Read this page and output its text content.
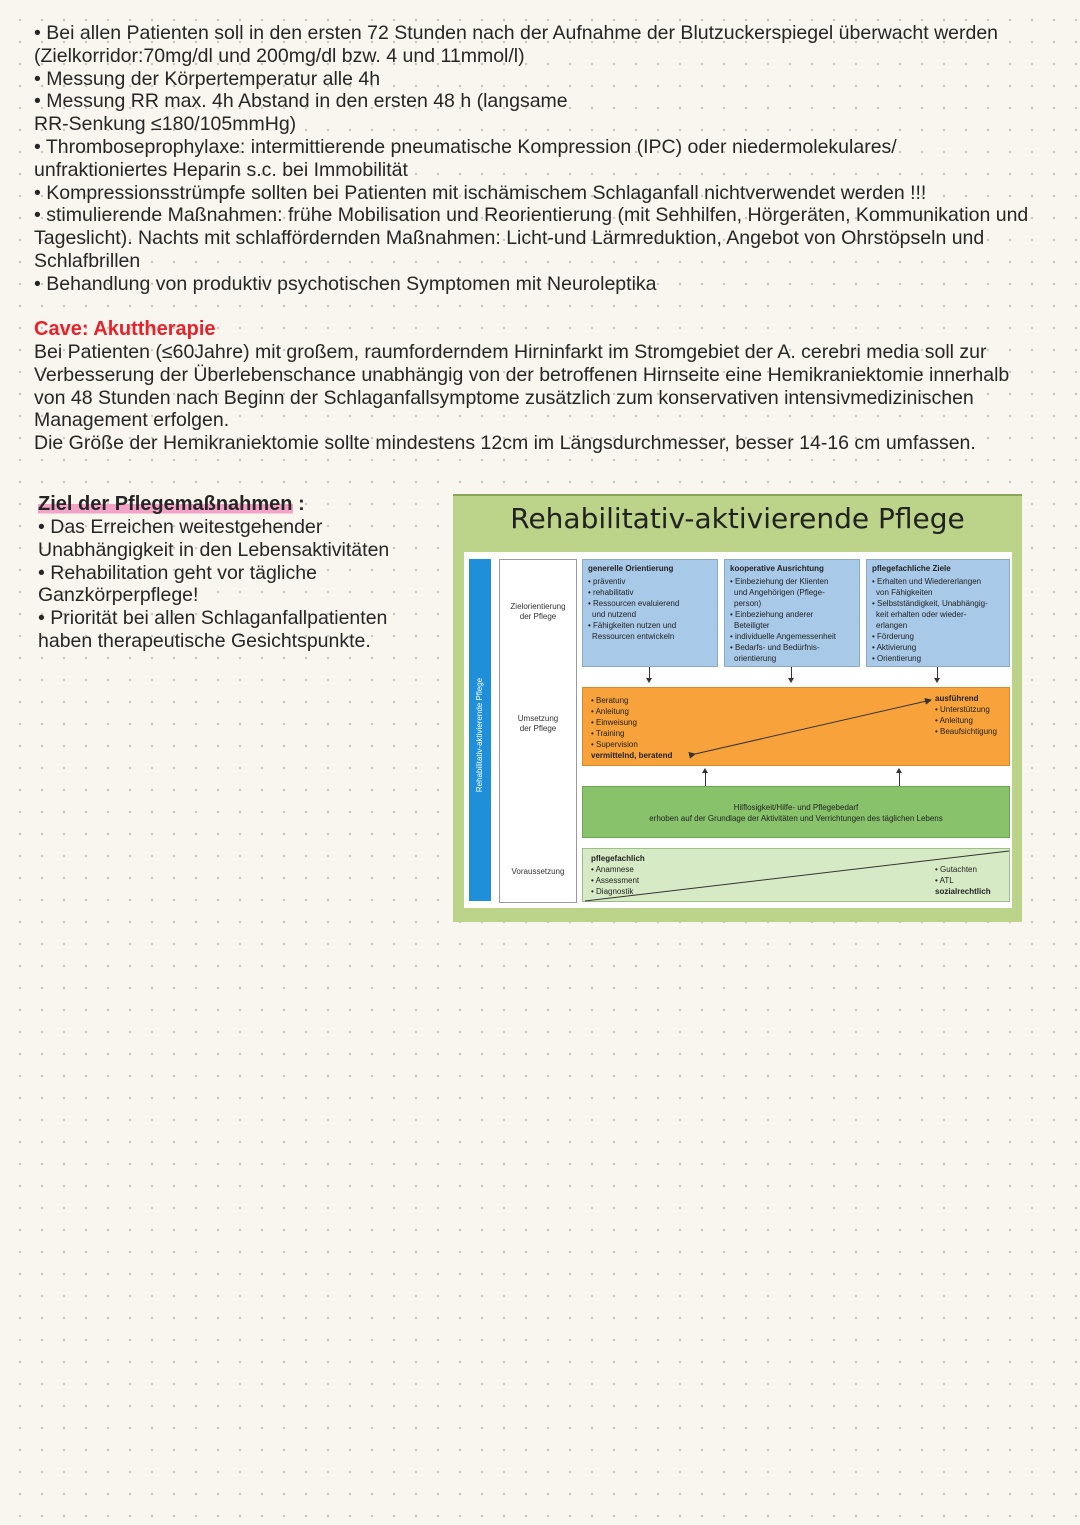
• Bei allen Patienten soll in den ersten 72 Stunden nach der Aufnahme der Blutzuckerspiegel überwacht werden (Zielkorridor:70mg/dl und 200mg/dl bzw. 4 und 11mmol/l)
• Messung der Körpertemperatur alle 4h
• Messung RR max. 4h Abstand in den ersten 48 h (langsame
RR-Senkung ≤180/105mmHg)
• Thromboseprophylaxe: intermittierende pneumatische Kompression (IPC) oder niedermolekulares/
unfraktioniertes Heparin s.c. bei Immobilität
• Kompressionsstrümpfe sollten bei Patienten mit ischämischem Schlaganfall nichtverwendet werden !!!
• stimulierende Maßnahmen: frühe Mobilisation und Reorientierung (mit Sehhilfen, Hörgeräten, Kommunikation und Tageslicht). Nachts mit schlaffördernden Maßnahmen: Licht-und Lärmreduktion, Angebot von Ohrstöpseln und Schlafbrillen
• Behandlung von produktiv psychotischen Symptomen mit Neuroleptika
Cave: Akuttherapie

Bei Patienten (≤60Jahre) mit großem, raumforderndem Hirninfarkt im Stromgebiet der A. cerebri media soll zur Verbesserung der Überlebenschance unabhängig von der betroffenen Hirnseite eine Hemikraniektomie innerhalb von 48 Stunden nach Beginn der Schlaganfallsymptome zusätzlich zum konservativen intensivmedizinischen Management erfolgen.

Die Größe der Hemikraniektomie sollte mindestens 12cm im Längsdurchmesser, besser 14-16 cm umfassen.

Ziel der Pflegemaßnahmen :
• Das Erreichen weitestgehender Unabhängigkeit in den Lebensaktivitäten
• Rehabilitation geht vor tägliche Ganzkörperpflege!
• Priorität bei allen Schlaganfallpatienten haben therapeutische Gesichtspunkte.
Rehabilitativ-aktivierende Pflege
Rehabilitativ-aktivierende Pflege
Zielorientierung
der Pflege
Umsetzung
der Pflege
Voraussetzung
generelle Orientierung
• präventiv
• rehabilitativ
• Ressourcen evaluierend
und nutzend
• Fähigkeiten nutzen und
Ressourcen entwickeln
kooperative Ausrichtung
• Einbeziehung der Klienten
und Angehörigen (Pflege-
person)
• Einbeziehung anderer
Beteiligter
• individuelle Angemessenheit
• Bedarfs- und Bedürfnis-
orientierung
pflegefachliche Ziele
• Erhalten und Wiedererlangen
von Fähigkeiten
• Selbstständigkeit, Unabhängig-
keit erhalten oder wieder-
erlangen
• Förderung
• Aktivierung
• Orientierung
• Beratung
• Anleitung
• Einweisung
• Training
• Supervision
vermittelnd, beratend
ausführend
• Unterstützung
• Anleitung
• Beaufsichtigung
Hilflosigkeit/Hilfe- und Pflegebedarf
erhoben auf der Grundlage der Aktivitäten und Verrichtungen des täglichen Lebens
pflegefachlich
• Anamnese
• Assessment
• Diagnostik
• Gutachten
• ATL
sozialrechtlich
